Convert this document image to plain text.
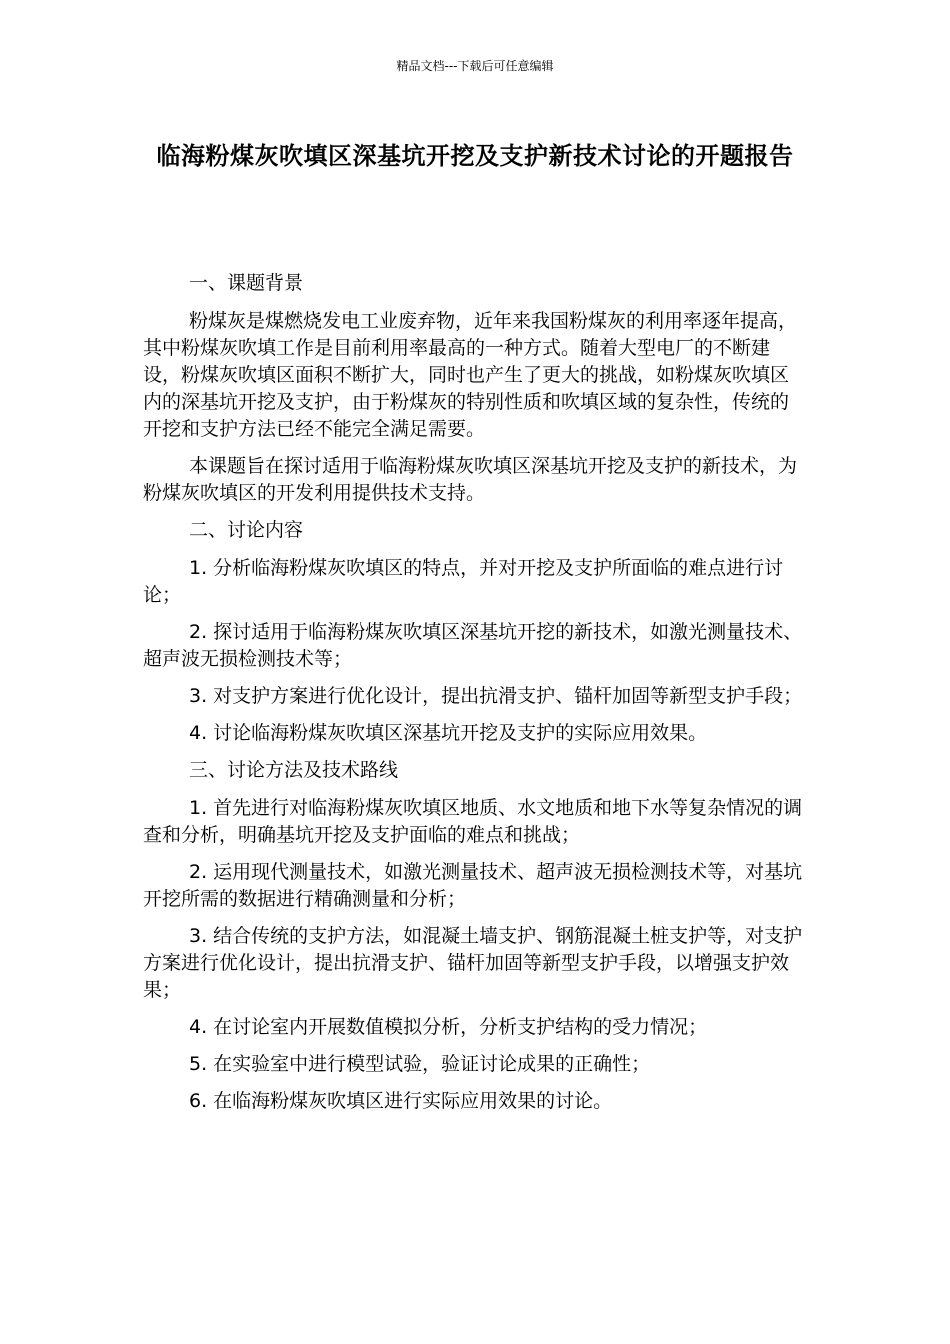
精品文档---下载后可任意编辑
临海粉煤灰吹填区深基坑开挖及支护新技术讨论的开题报告

一、课题背景

粉煤灰是煤燃烧发电工业废弃物，近年来我国粉煤灰的利用率逐年提高，其中粉煤灰吹填工作是目前利用率最高的一种方式。随着大型电厂的不断建设，粉煤灰吹填区面积不断扩大，同时也产生了更大的挑战，如粉煤灰吹填区内的深基坑开挖及支护，由于粉煤灰的特别性质和吹填区域的复杂性，传统的开挖和支护方法已经不能完全满足需要。

本课题旨在探讨适用于临海粉煤灰吹填区深基坑开挖及支护的新技术，为粉煤灰吹填区的开发利用提供技术支持。

二、讨论内容

1. 分析临海粉煤灰吹填区的特点，并对开挖及支护所面临的难点进行讨论；

2. 探讨适用于临海粉煤灰吹填区深基坑开挖的新技术，如激光测量技术、超声波无损检测技术等；

3. 对支护方案进行优化设计，提出抗滑支护、锚杆加固等新型支护手段；

4. 讨论临海粉煤灰吹填区深基坑开挖及支护的实际应用效果。

三、讨论方法及技术路线

1. 首先进行对临海粉煤灰吹填区地质、水文地质和地下水等复杂情况的调查和分析，明确基坑开挖及支护面临的难点和挑战；

2. 运用现代测量技术，如激光测量技术、超声波无损检测技术等，对基坑开挖所需的数据进行精确测量和分析；

3. 结合传统的支护方法，如混凝土墙支护、钢筋混凝土桩支护等，对支护方案进行优化设计，提出抗滑支护、锚杆加固等新型支护手段，以增强支护效果；

4. 在讨论室内开展数值模拟分析，分析支护结构的受力情况；

5. 在实验室中进行模型试验，验证讨论成果的正确性；

6. 在临海粉煤灰吹填区进行实际应用效果的讨论。
